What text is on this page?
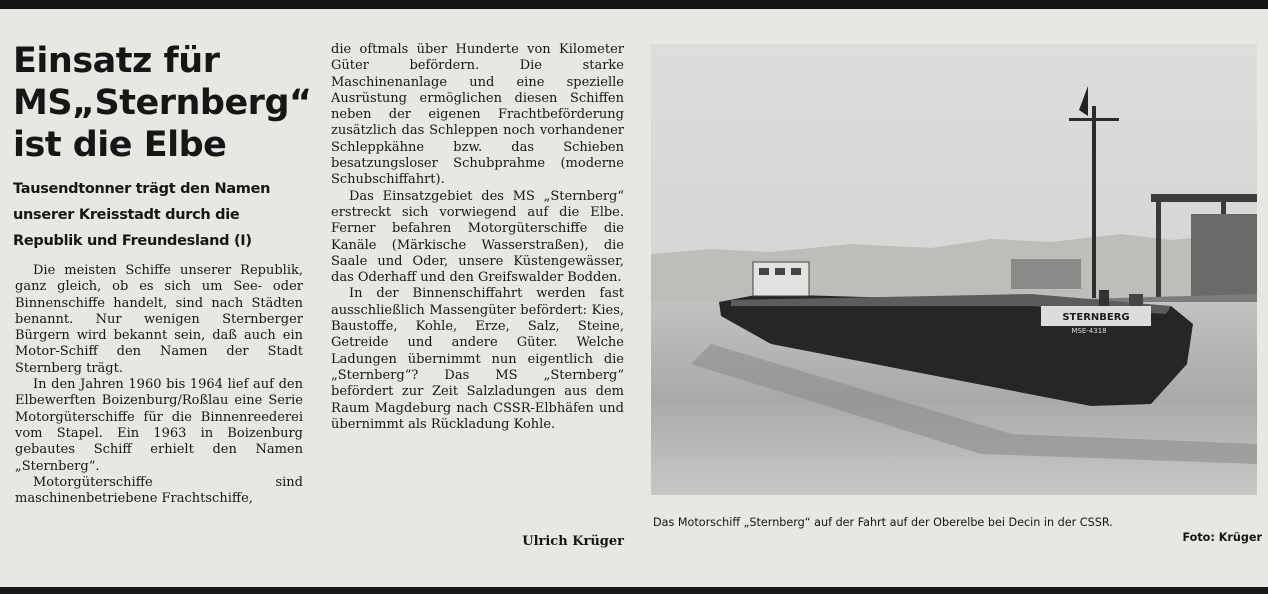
Einsatz für
MS„Sternberg“
ist die Elbe
Tausendtonner trägt den Namen
unserer Kreisstadt durch die
Republik und Freundesland (I)

Die meisten Schiffe unserer Republik, ganz gleich, ob es sich um See- oder Binnenschiffe handelt, sind nach Städten benannt. Nur wenigen Sternberger Bürgern wird bekannt sein, daß auch ein Motor-Schiff den Namen der Stadt Sternberg trägt.

In den Jahren 1960 bis 1964 lief auf den Elbewerften Boizenburg/Roßlau eine Serie Motorgüterschiffe für die Binnenreederei vom Stapel. Ein 1963 in Boizenburg gebautes Schiff erhielt den Namen „Sternberg“.

Motorgüterschiffe sind maschinenbetriebene Frachtschiffe,

die oftmals über Hunderte von Kilometer Güter befördern. Die starke Maschinenanlage und eine spezielle Ausrüstung ermöglichen diesen Schiffen neben der eigenen Frachtbeförderung zusätzlich das Schleppen noch vorhandener Schleppkähne bzw. das Schieben besatzungsloser Schubprahme (moderne Schubschiffahrt).

Das Einsatzgebiet des MS „Sternberg“ erstreckt sich vorwiegend auf die Elbe. Ferner befahren Motorgüterschiffe die Kanäle (Märkische Wasserstraßen), die Saale und Oder, unsere Küstengewässer, das Oderhaff und den Greifswalder Bodden.

In der Binnenschiffahrt werden fast ausschließlich Massengüter befördert: Kies, Baustoffe, Kohle, Erze, Salz, Steine, Getreide und andere Güter. Welche Ladungen übernimmt nun eigentlich die „Sternberg“? Das MS „Sternberg“ befördert zur Zeit Salzladungen aus dem Raum Magdeburg nach CSSR-Elbhäfen und übernimmt als Rückladung Kohle.

Ulrich Krüger
STERNBERG
MSE-4318
Das Motorschiff „Sternberg“ auf der Fahrt auf der Oberelbe bei Decin in der CSSR.
Foto: Krüger
